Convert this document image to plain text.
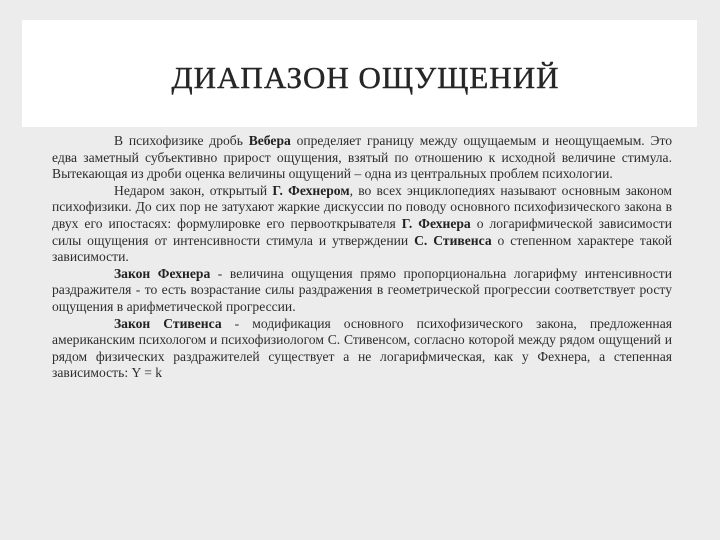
ДИАПАЗОН ОЩУЩЕНИЙ

В психофизике дробь Вебера определяет границу между ощущаемым и неощущаемым. Это едва заметный субъективно прирост ощущения, взятый по отношению к исходной величине стимула. Вытекающая из дроби оценка величины ощущений – одна из центральных проблем психологии.

Недаром закон, открытый Г. Фехнером, во всех энциклопедиях называют основным законом психофизики. До сих пор не затухают жаркие дискуссии по поводу основного психофизического закона в двух его ипостасях: формулировке его первооткрывателя Г. Фехнера о логарифмической зависимости силы ощущения от интенсивности стимула и утверждении С. Стивенса о степенном характере такой зависимости.

Закон Фехнера - величина ощущения прямо пропорциональна логарифму интенсивности раздражителя - то есть возрастание силы раздражения в геометрической прогрессии соответствует росту ощущения в арифметической прогрессии.

Закон Стивенса - модификация основного психофизического закона, предложенная американским психологом и психофизиологом С. Стивенсом, согласно которой между рядом ощущений и рядом физических раздражителей существует а не логарифмическая, как у Фехнера, а степенная зависимость: Y = k
